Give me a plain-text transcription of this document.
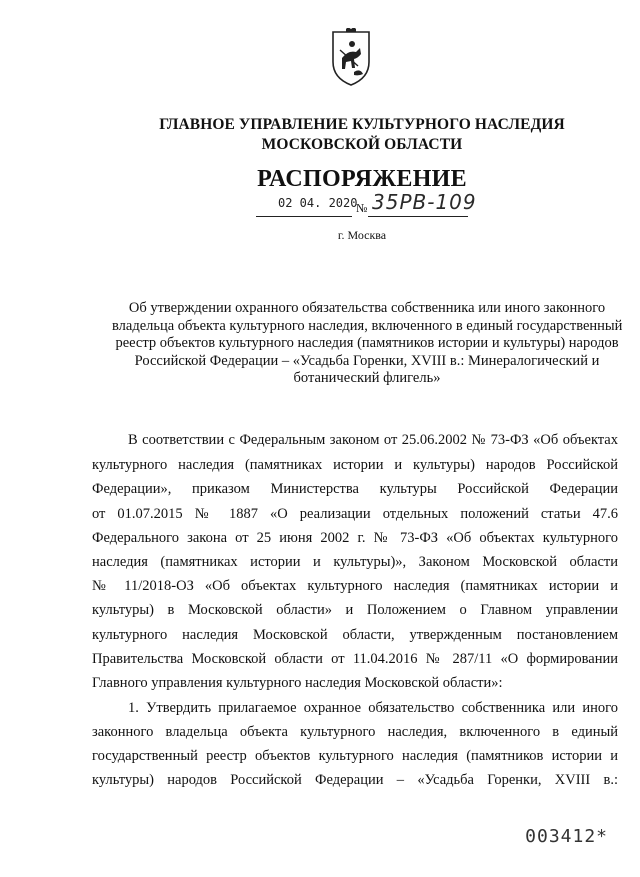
ГЛАВНОЕ УПРАВЛЕНИЕ КУЛЬТУРНОГО НАСЛЕДИЯ
МОСКОВСКОЙ ОБЛАСТИ
РАСПОРЯЖЕНИЕ
02 04. 2020
№ 35РВ-109
г. Москва
Об утверждении охранного обязательства собственника или иного законного
владельца объекта культурного наследия, включенного в единый государственный
реестр объектов культурного наследия (памятников истории и культуры) народов
Российской Федерации – «Усадьба Горенки, XVIII в.: Минералогический и
ботанический флигель»
В соответствии с Федеральным законом от 25.06.2002 № 73-ФЗ «Об объектах
культурного наследия (памятниках истории и культуры) народов Российской
Федерации», приказом Министерства культуры Российской Федерации
от 01.07.2015 № 1887 «О реализации отдельных положений статьи 47.6
Федерального закона от 25 июня 2002 г. № 73-ФЗ «Об объектах культурного
наследия (памятниках истории и культуры)», Законом Московской области
№ 11/2018-ОЗ «Об объектах культурного наследия (памятниках истории и
культуры) в Московской области» и Положением о Главном управлении
культурного наследия Московской области, утвержденным постановлением
Правительства Московской области от 11.04.2016 № 287/11 «О формировании
Главного управления культурного наследия Московской области»:
1. Утвердить прилагаемое охранное обязательство собственника или иного
законного владельца объекта культурного наследия, включенного в единый
государственный реестр объектов культурного наследия (памятников истории и
культуры) народов Российской Федерации – «Усадьба Горенки, XVIII в.:
003412*
